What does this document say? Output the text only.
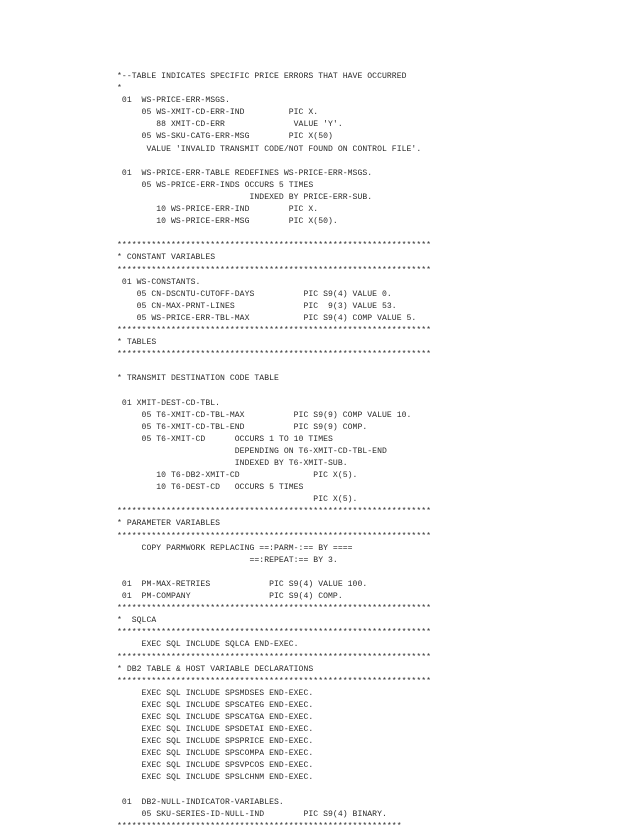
*--TABLE INDICATES SPECIFIC PRICE ERRORS THAT HAVE OCCURRED
*
01  WS-PRICE-ERR-MSGS.
05 WS-XMIT-CD-ERR-IND         PIC X.
88 XMIT-CD-ERR              VALUE 'Y'.
05 WS-SKU-CATG-ERR-MSG        PIC X(50)
VALUE 'INVALID TRANSMIT CODE/NOT FOUND ON CONTROL FILE'.
01  WS-PRICE-ERR-TABLE REDEFINES WS-PRICE-ERR-MSGS.
05 WS-PRICE-ERR-INDS OCCURS 5 TIMES
INDEXED BY PRICE-ERR-SUB.
10 WS-PRICE-ERR-IND        PIC X.
10 WS-PRICE-ERR-MSG        PIC X(50).
****************************************************************
* CONSTANT VARIABLES
****************************************************************
01 WS-CONSTANTS.
05 CN-DSCNTU-CUTOFF-DAYS          PIC S9(4) VALUE 0.
05 CN-MAX-PRNT-LINES              PIC  9(3) VALUE 53.
05 WS-PRICE-ERR-TBL-MAX           PIC S9(4) COMP VALUE 5.
****************************************************************
* TABLES
****************************************************************
* TRANSMIT DESTINATION CODE TABLE
01 XMIT-DEST-CD-TBL.
05 T6-XMIT-CD-TBL-MAX          PIC S9(9) COMP VALUE 10.
05 T6-XMIT-CD-TBL-END          PIC S9(9) COMP.
05 T6-XMIT-CD      OCCURS 1 TO 10 TIMES
DEPENDING ON T6-XMIT-CD-TBL-END
INDEXED BY T6-XMIT-SUB.
10 T6-DB2-XMIT-CD               PIC X(5).
10 T6-DEST-CD   OCCURS 5 TIMES
PIC X(5).
****************************************************************
* PARAMETER VARIABLES
****************************************************************
COPY PARMWORK REPLACING ==:PARM-:== BY ====
==:REPEAT:== BY 3.
01  PM-MAX-RETRIES            PIC S9(4) VALUE 100.
01  PM-COMPANY                PIC S9(4) COMP.
****************************************************************
*  SQLCA
****************************************************************
EXEC SQL INCLUDE SQLCA END-EXEC.
****************************************************************
* DB2 TABLE & HOST VARIABLE DECLARATIONS
****************************************************************
EXEC SQL INCLUDE SPSMDSES END-EXEC.
EXEC SQL INCLUDE SPSCATEG END-EXEC.
EXEC SQL INCLUDE SPSCATGA END-EXEC.
EXEC SQL INCLUDE SPSDETAI END-EXEC.
EXEC SQL INCLUDE SPSPRICE END-EXEC.
EXEC SQL INCLUDE SPSCOMPA END-EXEC.
EXEC SQL INCLUDE SPSVPCOS END-EXEC.
EXEC SQL INCLUDE SPSLCHNM END-EXEC.
01  DB2-NULL-INDICATOR-VARIABLES.
05 SKU-SERIES-ID-NULL-IND        PIC S9(4) BINARY.
**********************************************************
